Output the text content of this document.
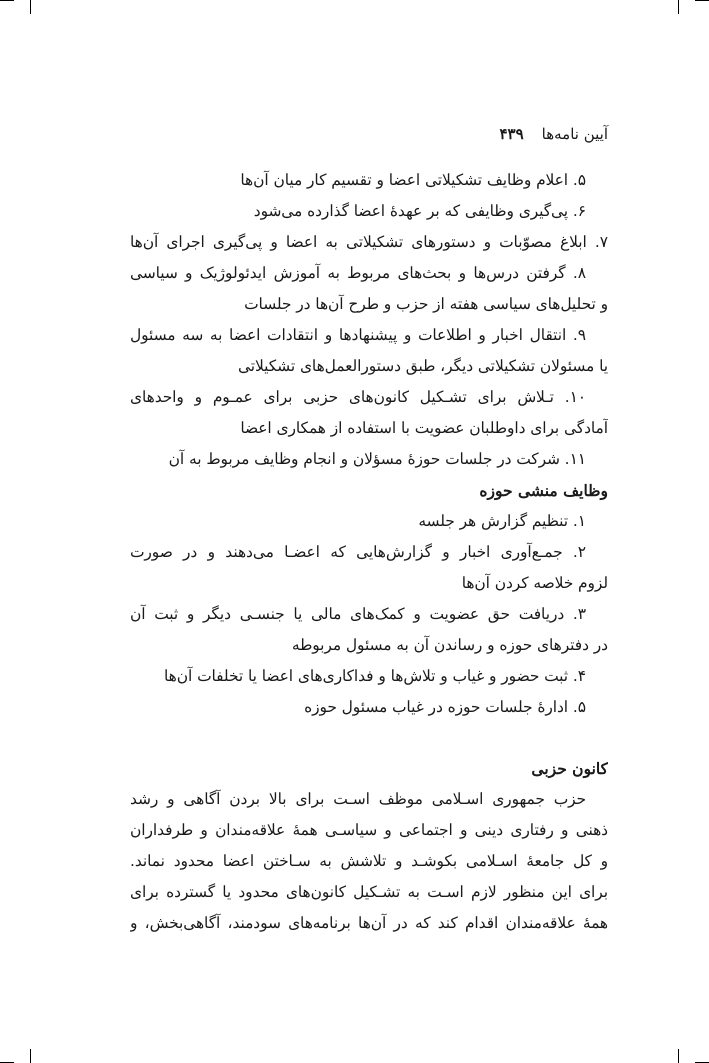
آیین نامه‌ها
۴۳۹
۵. اعلام وظایف تشکیلاتی اعضا و تقسیم کار میان آن‌ها
۶. پی‌گیری وظایفی که بر عهدهٔ اعضا گذارده می‌شود
۷. ابلاغ مصوّبات و دستورهای تشکیلاتی به اعضا و پی‌گیری اجرای آن‌ها
۸. گرفتن درس‌ها و بحث‌های مربوط به آموزش ایدئولوژیک و سیاسی
و تحلیل‌های سیاسی هفته از حزب و طرح آن‌ها در جلسات
۹. انتقال اخبار و اطلاعات و پیشنهادها و انتقادات اعضا به سه مسئول
یا مسئولان تشکیلاتی دیگر، طبق دستورالعمل‌های تشکیلاتی
۱۰. تـلاش برای تشـکیل کانون‌های حزبی برای عمـوم و واحدهای
آمادگی برای داوطلبان عضویت با استفاده از همکاری اعضا
۱۱. شرکت در جلسات حوزهٔ مسؤلان و انجام وظایف مربوط به آن
وظایف منشی حوزه
۱. تنظیم گزارش هر جلسه
۲. جمـع‌آوری اخبار و گزارش‌هایی که اعضـا می‌دهند و در صورت
لزوم خلاصه کردن آن‌ها
۳. دریافت حق عضویت و کمک‌های مالی یا جنسـی دیگر و ثبت آن
در دفترهای حوزه و رساندن آن به مسئول مربوطه
۴. ثبت حضور و غیاب و تلاش‌ها و فداکاری‌های اعضا یا تخلفات آن‌ها
۵. ادارهٔ جلسات حوزه در غیاب مسئول حوزه
کانون حزبی
حزب جمهوری اسـلامی موظف اسـت برای بالا بردن آگاهی و رشد
ذهنی و رفتاری دینی و اجتماعی و سیاسـی همهٔ علاقه‌مندان و طرفداران
و کل جامعهٔ اسـلامی بکوشـد و تلاشش به سـاختن اعضا محدود نماند.
برای این منظور لازم اسـت به تشـکیل کانون‌های محدود یا گسترده برای
همهٔ علاقه‌مندان اقدام کند که در آن‌ها برنامه‌های سودمند، آگاهی‌بخش، و
